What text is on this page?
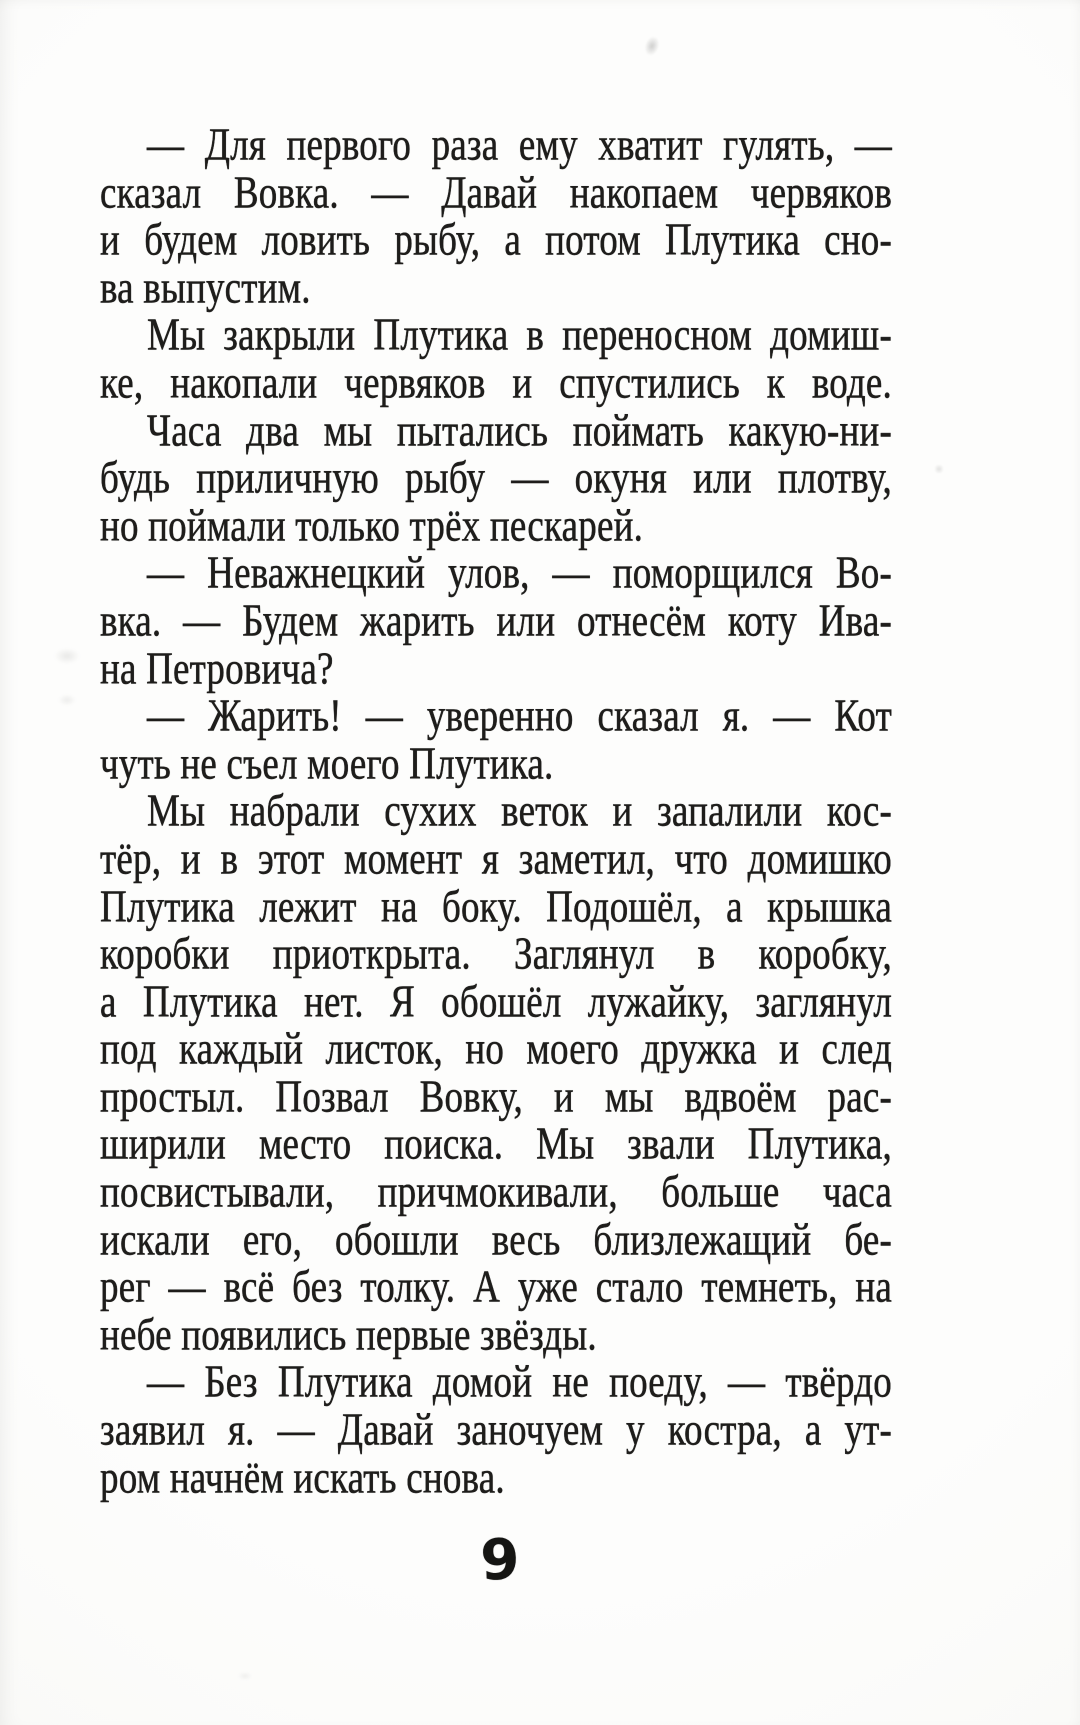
— Для первого раза ему хватит гулять, —
сказал Вовка. — Давай накопаем червяков
и будем ловить рыбу, а потом Плутика сно-
ва выпустим.
Мы закрыли Плутика в переносном домиш-
ке, накопали червяков и спустились к воде.
Часа два мы пытались поймать какую-ни-
будь приличную рыбу — окуня или плотву,
но поймали только трёх пескарей.
— Неважнецкий улов, — поморщился Во-
вка. — Будем жарить или отнесём коту Ива-
на Петровича?
— Жарить! — уверенно сказал я. — Кот
чуть не съел моего Плутика.
Мы набрали сухих веток и запалили кос-
тёр, и в этот момент я заметил, что домишко
Плутика лежит на боку. Подошёл, а крышка
коробки приоткрыта. Заглянул в коробку,
а Плутика нет. Я обошёл лужайку, заглянул
под каждый листок, но моего дружка и след
простыл. Позвал Вовку, и мы вдвоём рас-
ширили место поиска. Мы звали Плутика,
посвистывали, причмокивали, больше часа
искали его, обошли весь близлежащий бе-
рег — всё без толку. А уже стало темнеть, на
небе появились первые звёзды.
— Без Плутика домой не поеду, — твёрдо
заявил я. — Давай заночуем у костра, а ут-
ром начнём искать снова.
9
